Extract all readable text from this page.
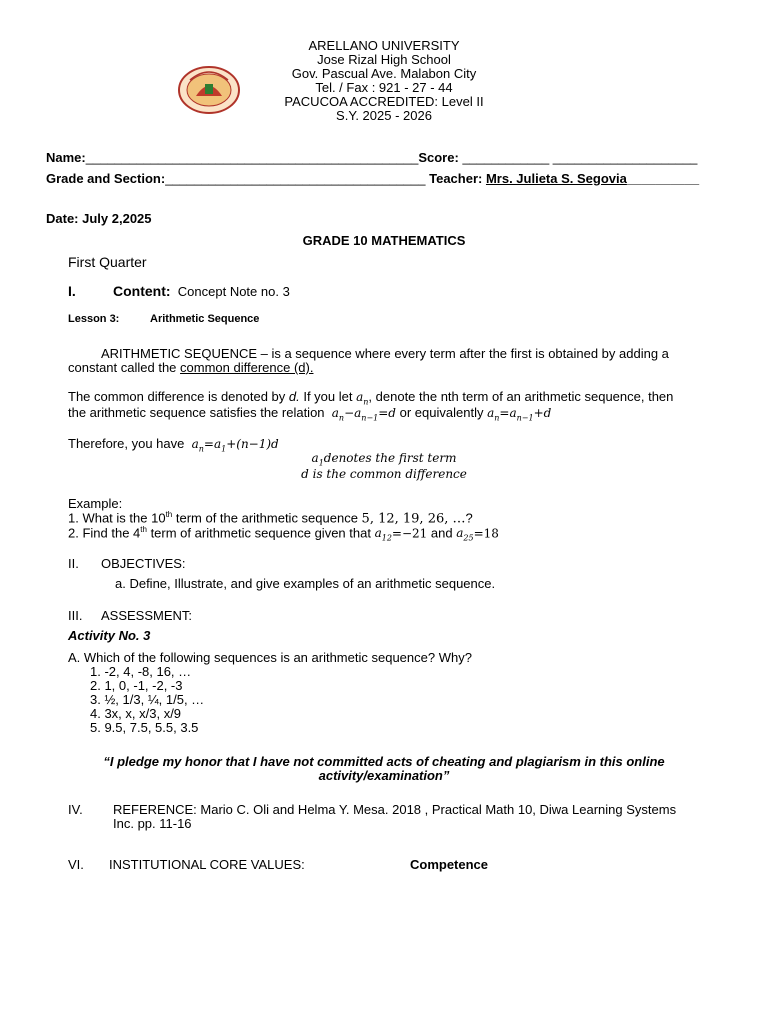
ARELLANO UNIVERSITY
Jose Rizal High School
Gov. Pascual Ave. Malabon City
Tel. / Fax : 921 - 27 - 44
PACUCOA ACCREDITED: Level II
S.Y. 2025 - 2026
Name:______________________________________________Score: ____________ ____________________
Grade and Section:____________________________________ Teacher: Mrs. Julieta S. Segovia__________
Date: July 2,2025
GRADE 10 MATHEMATICS
First Quarter
I.	Content: Concept Note no. 3
Lesson 3:	Arithmetic Sequence
ARITHMETIC SEQUENCE – is a sequence where every term after the first is obtained by adding a
constant called the common difference (d).
The common difference is denoted by d. If you let $a_n$, denote the nth term of an arithmetic sequence, then
the arithmetic sequence satisfies the relation $a_n-a_{n-1}=d$ or equivalently $a_n=a_{n-1}+d$
Therefore, you have $a_n=a_1+(n-1)d$
$a_1denotes$ the first term
d is the common difference
Example:
1. What is the 10th term of the arithmetic sequence 5, 12, 19, 26, …?
2. Find the 4th term of arithmetic sequence given that $a_{12}=-21$ and $a_{25}=18$
II. OBJECTIVES:
a. Define, Illustrate, and give examples of an arithmetic sequence.
III. ASSESSMENT:
Activity No. 3
A. Which of the following sequences is an arithmetic sequence? Why?
1. -2, 4, -8, 16, …
2. 1, 0, -1, -2, -3
3. ½, 1/3, ¼, 1/5, …
4. 3x, x, x/3, x/9
5. 9.5, 7.5, 5.5, 3.5
“I pledge my honor that I have not committed acts of cheating and plagiarism in this online
activity/examination”
IV. REFERENCE: Mario C. Oli and Helma Y. Mesa. 2018 , Practical Math 10, Diwa Learning Systems
Inc. pp. 11-16
VI. INSTITUTIONAL CORE VALUES:	Competence
